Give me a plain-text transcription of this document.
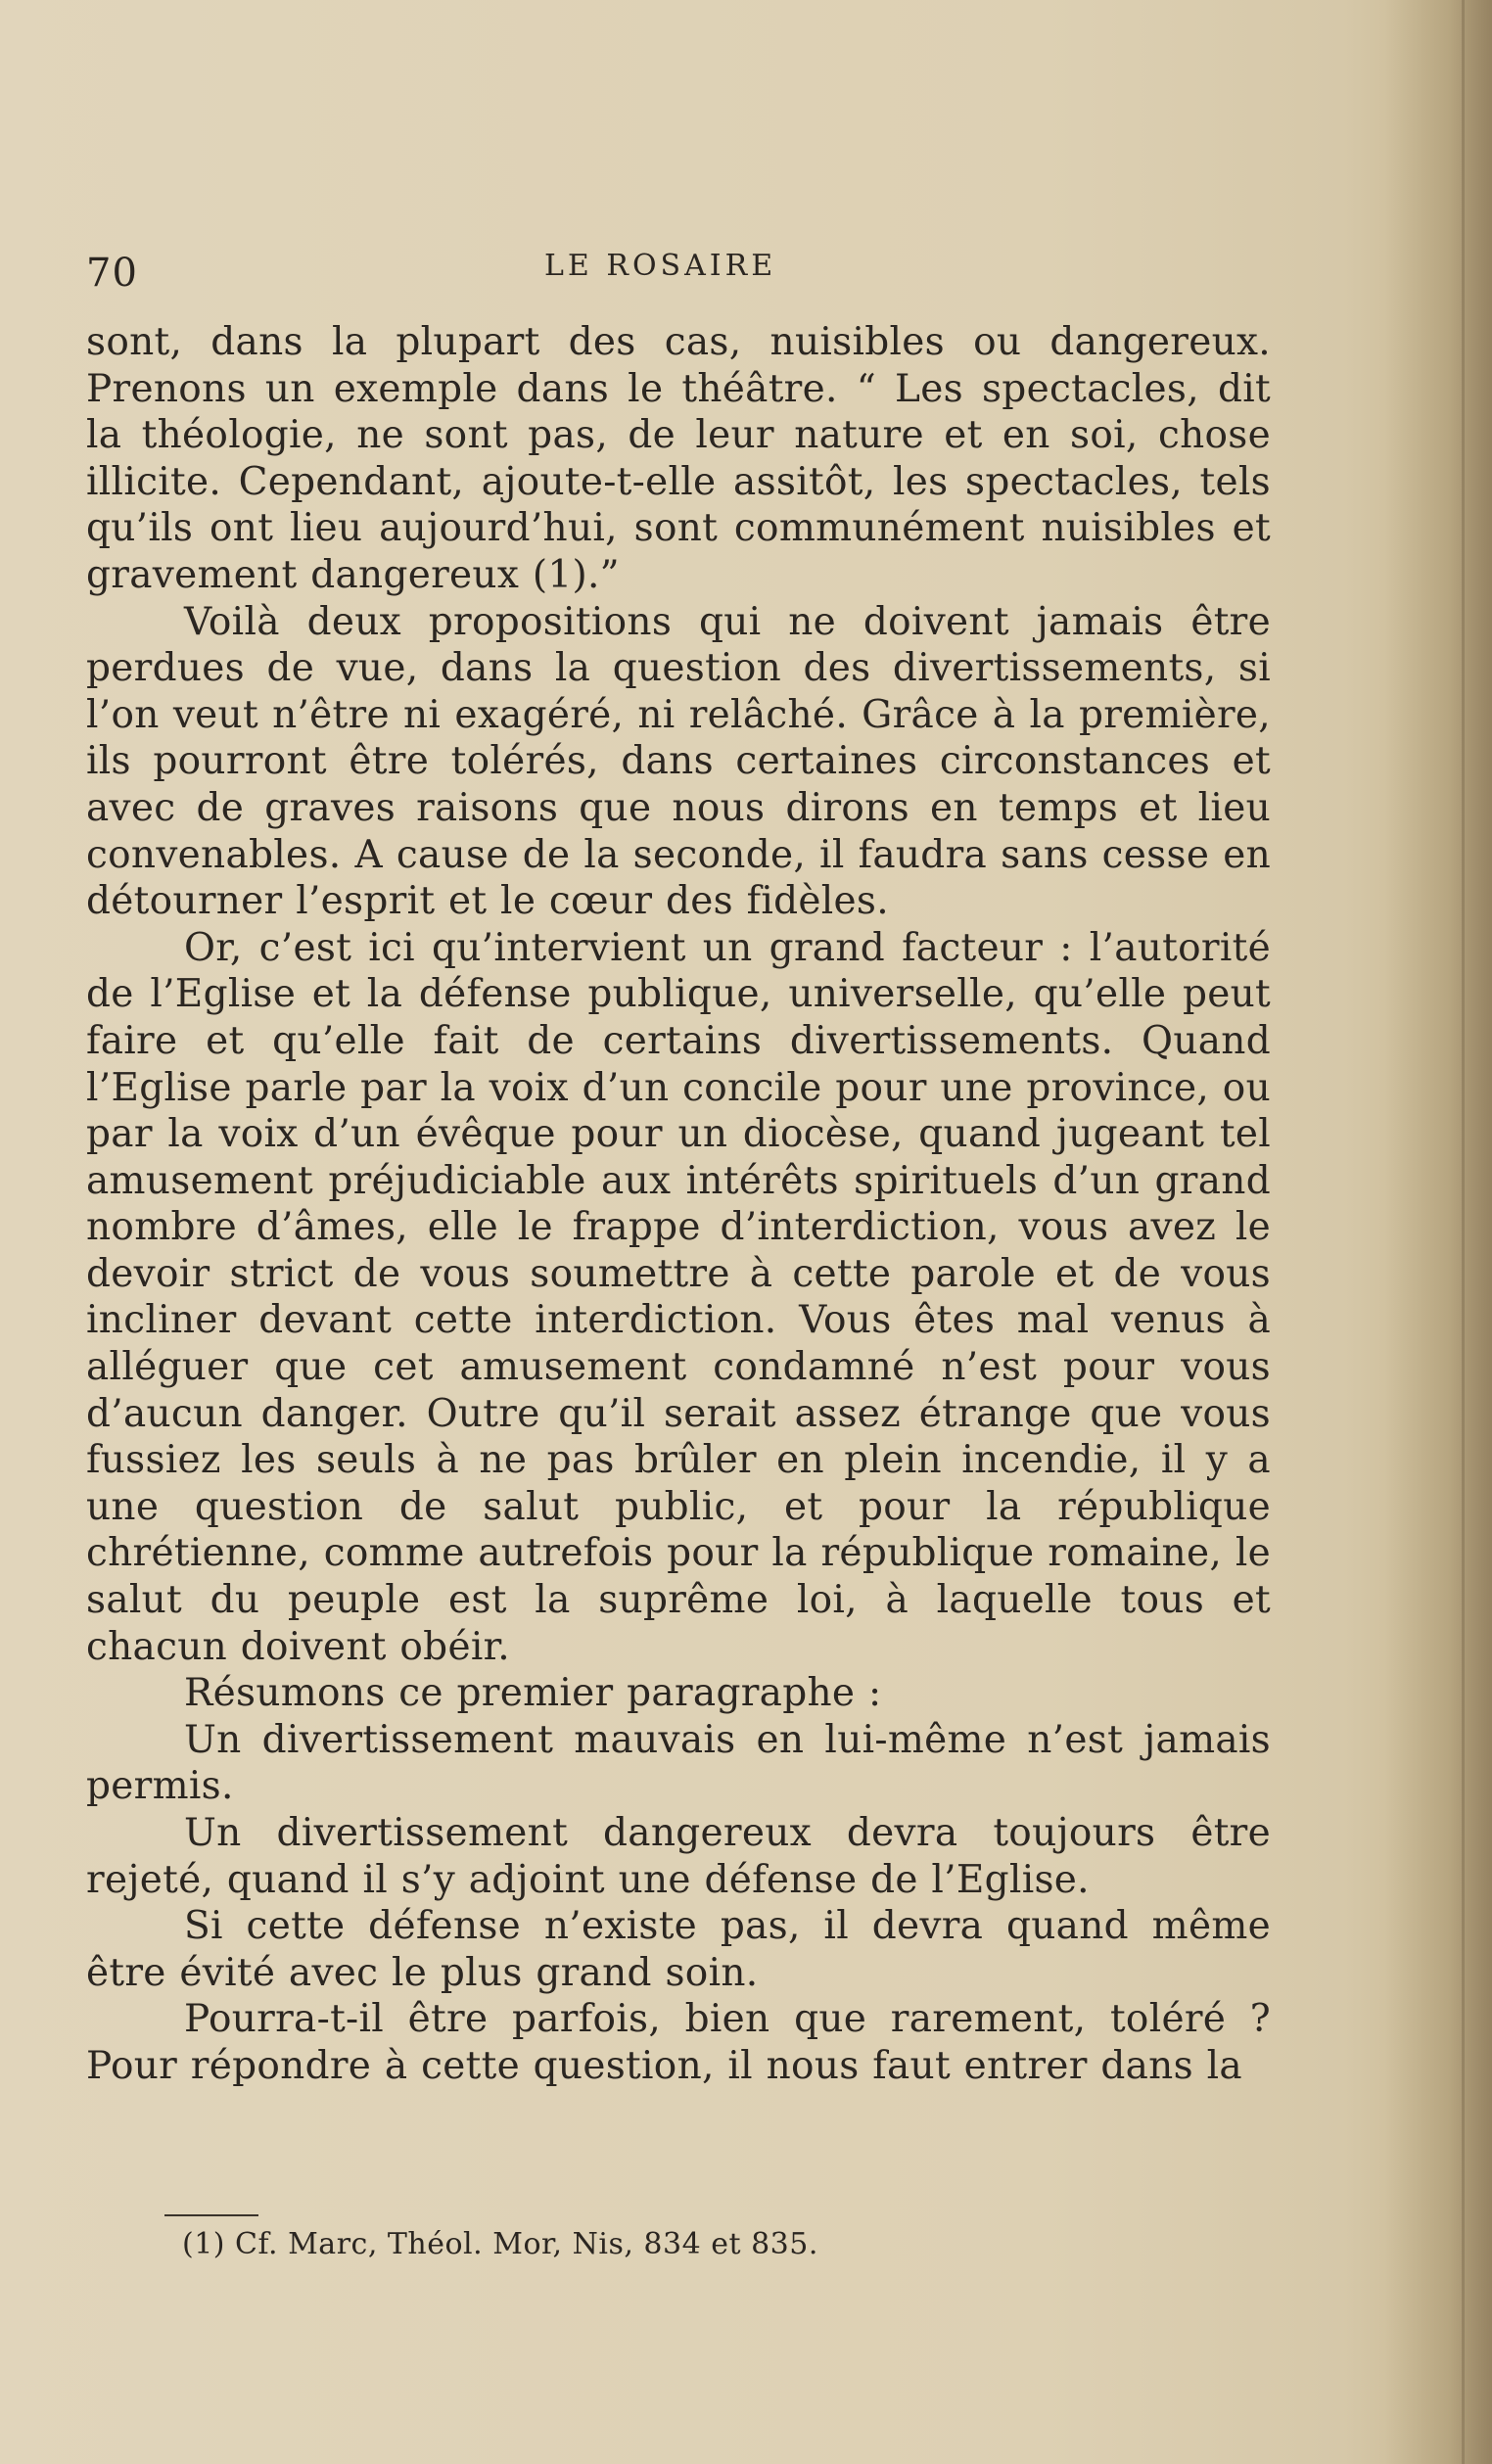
70	LE ROSAIRE

sont, dans la plupart des cas, nuisibles ou dangereux. Prenons un exemple dans le théâtre. “ Les spectacles, dit la théologie, ne sont pas, de leur nature et en soi, chose illicite. Cependant, ajoute-t-elle assitôt, les spectacles, tels qu’ils ont lieu aujourd’hui, sont communément nuisibles et gravement dangereux (1).”

Voilà deux propositions qui ne doivent jamais être perdues de vue, dans la question des divertissements, si l’on veut n’être ni exagéré, ni relâché. Grâce à la première, ils pourront être tolérés, dans certaines circonstances et avec de graves raisons que nous dirons en temps et lieu convenables. A cause de la seconde, il faudra sans cesse en détourner l’esprit et le cœur des fidèles.

Or, c’est ici qu’intervient un grand facteur : l’autorité de l’Eglise et la défense publique, universelle, qu’elle peut faire et qu’elle fait de certains divertissements. Quand l’Eglise parle par la voix d’un concile pour une province, ou par la voix d’un évêque pour un diocèse, quand jugeant tel amusement préjudiciable aux intérêts spirituels d’un grand nombre d’âmes, elle le frappe d’interdiction, vous avez le devoir strict de vous soumettre à cette parole et de vous incliner devant cette interdiction. Vous êtes mal venus à alléguer que cet amusement condamné n’est pour vous d’aucun danger. Outre qu’il serait assez étrange que vous fussiez les seuls à ne pas brûler en plein incendie, il y a une question de salut public, et pour la république chrétienne, comme autrefois pour la république romaine, le salut du peuple est la suprême loi, à laquelle tous et chacun doivent obéir.

Résumons ce premier paragraphe :

Un divertissement mauvais en lui-même n’est jamais permis.

Un divertissement dangereux devra toujours être rejeté, quand il s’y adjoint une défense de l’Eglise.

Si cette défense n’existe pas, il devra quand même être évité avec le plus grand soin.

Pourra-t-il être parfois, bien que rarement, toléré ? Pour répondre à cette question, il nous faut entrer dans la

(1) Cf. Marc, Théol. Mor, Nis, 834 et 835.
